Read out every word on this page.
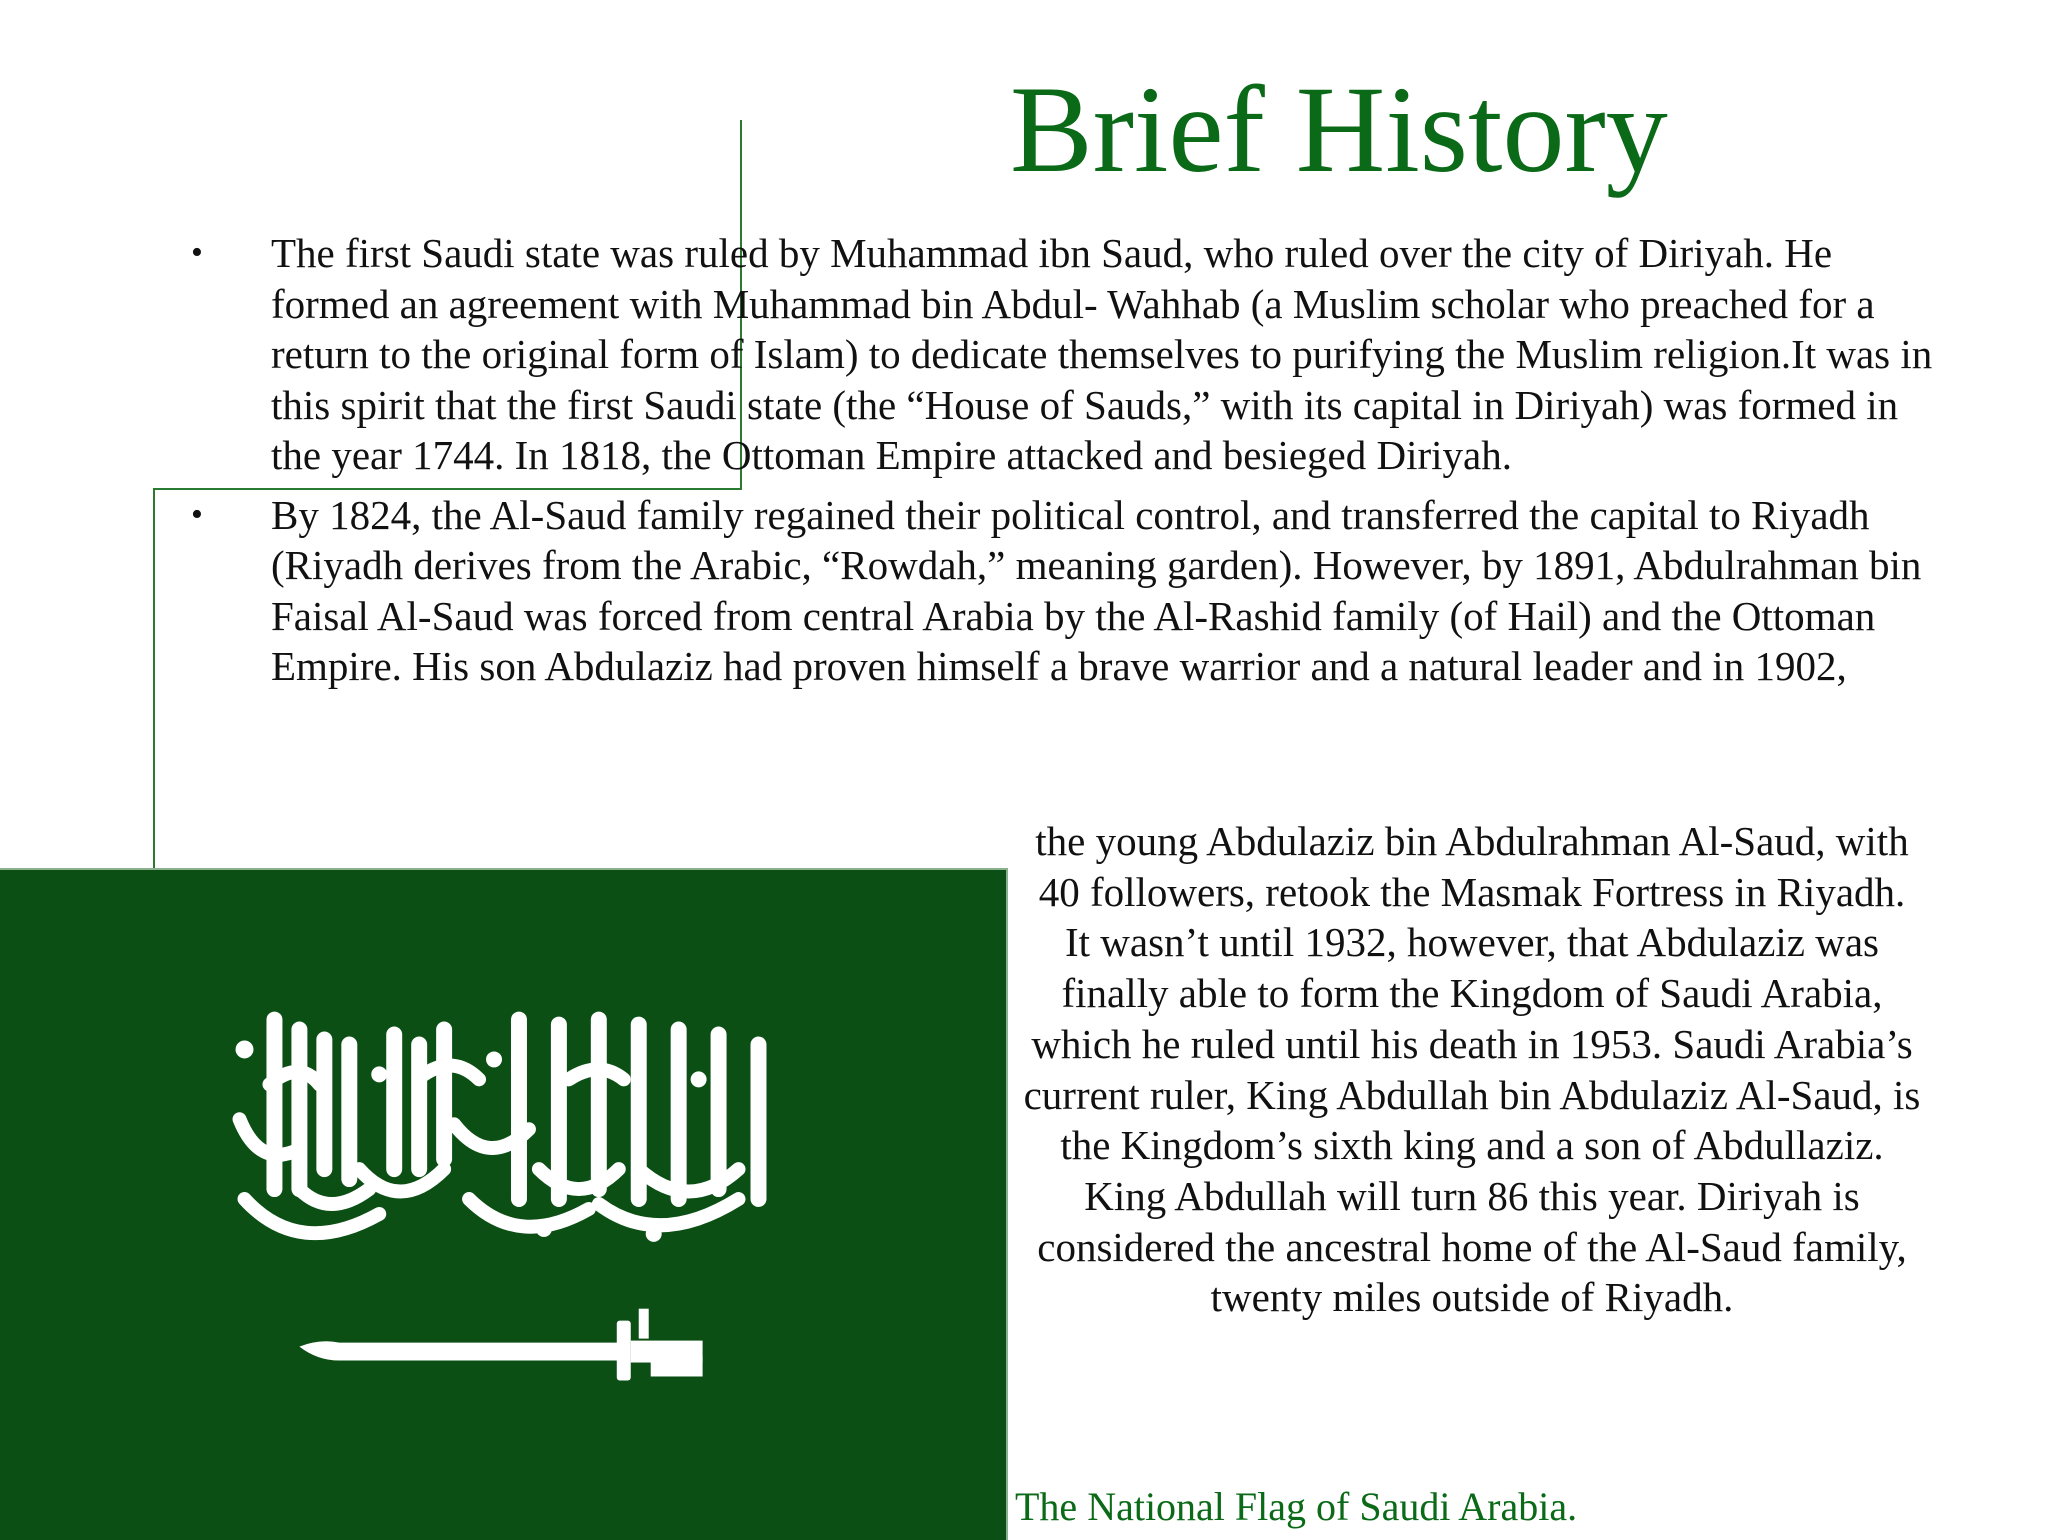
Brief History
• The first Saudi state was ruled by Muhammad ibn Saud, who ruled over the city of Diriyah. He formed an agreement with Muhammad bin Abdul- Wahhab (a Muslim scholar who preached for a return to the original form of Islam) to dedicate themselves to purifying the Muslim religion.It was in this spirit that the first Saudi state (the “House of Sauds,” with its capital in Diriyah) was formed in the year 1744. In 1818, the Ottoman Empire attacked and besieged Diriyah.
• By 1824, the Al-Saud family regained their political control, and transferred the capital to Riyadh (Riyadh derives from the Arabic, “Rowdah,” meaning garden). However, by 1891, Abdulrahman bin Faisal Al-Saud was forced from central Arabia by the Al-Rashid family (of Hail) and the Ottoman Empire. His son Abdulaziz had proven himself a brave warrior and a natural leader and in 1902,
the young Abdulaziz bin Abdulrahman Al-Saud, with 40 followers, retook the Masmak Fortress in Riyadh. It wasn’t until 1932, however, that Abdulaziz was finally able to form the Kingdom of Saudi Arabia, which he ruled until his death in 1953. Saudi Arabia’s current ruler, King Abdullah bin Abdulaziz Al-Saud, is the Kingdom’s sixth king and a son of Abdullaziz. King Abdullah will turn 86 this year. Diriyah is considered the ancestral home of the Al-Saud family, twenty miles outside of Riyadh.
The National Flag of Saudi Arabia.
